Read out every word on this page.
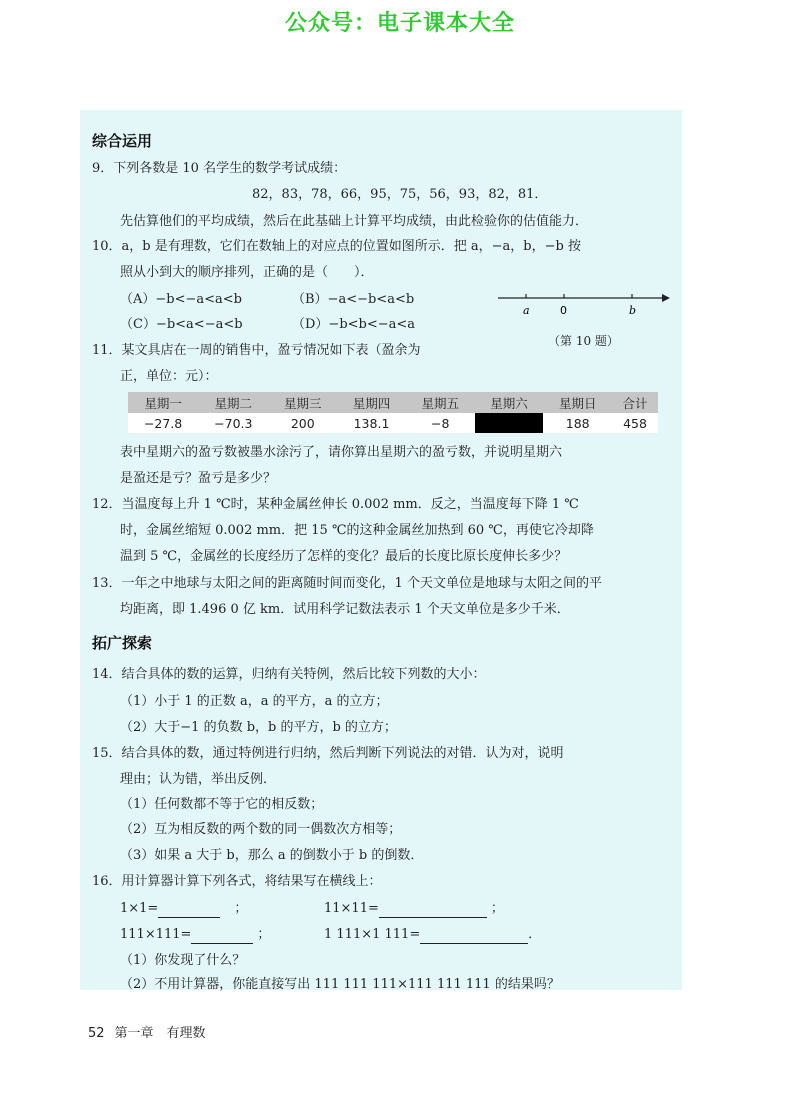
公众号：电子课本大全
综合运用
9．下列各数是 10 名学生的数学考试成绩：
82，83，78，66，95，75，56，93，82，81．
先估算他们的平均成绩，然后在此基础上计算平均成绩，由此检验你的估值能力．
10．a，b 是有理数，它们在数轴上的对应点的位置如图所示．把 a，−a，b，−b 按
照从小到大的顺序排列，正确的是（　　）．
（A）−b<−a<a<b	（B）−a<−b<a<b
（C）−b<a<−a<b	（D）−b<b<−a<a
a	0	b
（第 10 题）
11．某文具店在一周的销售中，盈亏情况如下表（盈余为
正，单位：元）：
星期一	星期二	星期三	星期四	星期五	星期六	星期日	合计
−27.8	−70.3	200	138.1	−8		188	458
表中星期六的盈亏数被墨水涂污了，请你算出星期六的盈亏数，并说明星期六
是盈还是亏？盈亏是多少？
12．当温度每上升 1 ℃时，某种金属丝伸长 0.002 mm．反之，当温度每下降 1 ℃
时，金属丝缩短 0.002 mm．把 15 ℃的这种金属丝加热到 60 ℃，再使它冷却降
温到 5 ℃，金属丝的长度经历了怎样的变化？最后的长度比原长度伸长多少？
13．一年之中地球与太阳之间的距离随时间而变化，1 个天文单位是地球与太阳之间的平
均距离，即 1.496 0 亿 km．试用科学记数法表示 1 个天文单位是多少千米．
拓广探索
14．结合具体的数的运算，归纳有关特例，然后比较下列数的大小：
（1）小于 1 的正数 a，a 的平方，a 的立方；
（2）大于−1 的负数 b，b 的平方，b 的立方；
15．结合具体的数，通过特例进行归纳，然后判断下列说法的对错．认为对，说明
理由；认为错，举出反例．
（1）任何数都不等于它的相反数；
（2）互为相反数的两个数的同一偶数次方相等；
（3）如果 a 大于 b，那么 a 的倒数小于 b 的倒数．
16．用计算器计算下列各式，将结果写在横线上：
1×1=	；	11×11=	；
111×111=	；	1 111×1 111=	．
（1）你发现了什么？
（2）不用计算器，你能直接写出 111 111 111×111 111 111 的结果吗？
52 第一章　有理数
